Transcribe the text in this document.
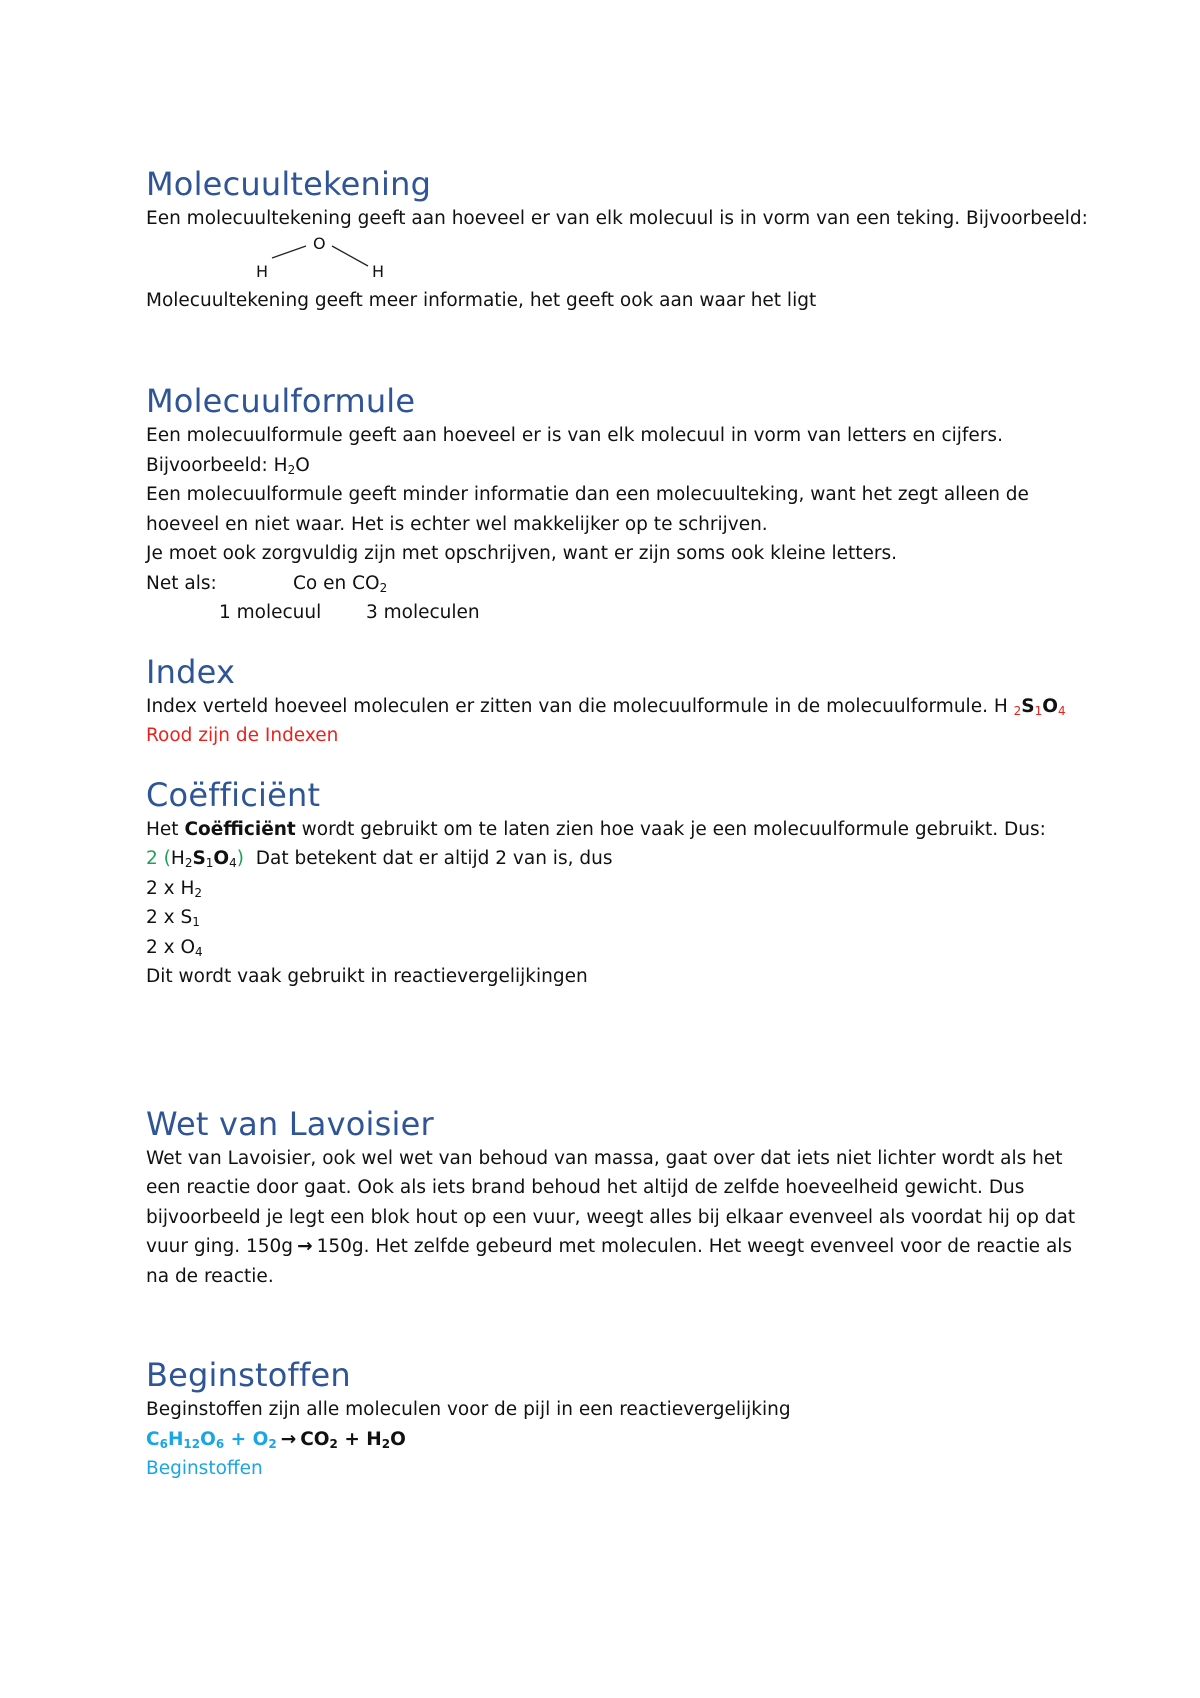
Molecuultekening

Een molecuultekening geeft aan hoeveel er van elk molecuul is in vorm van een teking. Bijvoorbeeld:

O
H	H

Molecuultekening geeft meer informatie, het geeft ook aan waar het ligt

Molecuulformule

Een molecuulformule geeft aan hoeveel er is van elk molecuul in vorm van letters en cijfers.

Bijvoorbeeld: $H_2O$

Een molecuulformule geeft minder informatie dan een molecuulteking, want het zegt alleen de

hoeveel en niet waar. Het is echter wel makkelijker op te schrijven.

Je moet ook zorgvuldig zijn met opschrijven, want er zijn soms ook kleine letters.

Net als:	Co en $CO_2$
1 molecuul 3 moleculen
Index

Index verteld hoeveel moleculen er zitten van die molecuulformule in de molecuulformule. H $_2S_1O_4$

Rood zijn de Indexen

Coëfficiënt

Het Coëfficiënt wordt gebruikt om te laten zien hoe vaak je een molecuulformule gebruikt. Dus:

2 $(H_2S_1O_4)$  Dat betekent dat er altijd 2 van is, dus

2 x $H_2$

2 x $S_1$

2 x $O_4$

Dit wordt vaak gebruikt in reactievergelijkingen

Wet van Lavoisier

Wet van Lavoisier, ook wel wet van behoud van massa, gaat over dat iets niet lichter wordt als het

een reactie door gaat. Ook als iets brand behoud het altijd de zelfde hoeveelheid gewicht. Dus

bijvoorbeeld je legt een blok hout op een vuur, weegt alles bij elkaar evenveel als voordat hij op dat

vuur ging. 150g → 150g. Het zelfde gebeurd met moleculen. Het weegt evenveel voor de reactie als

na de reactie.

Beginstoffen

Beginstoffen zijn alle moleculen voor de pijl in een reactievergelijking

$C_6H_{12}O_6 + O_2 \to CO_2 + H_2O$

Beginstoffen
